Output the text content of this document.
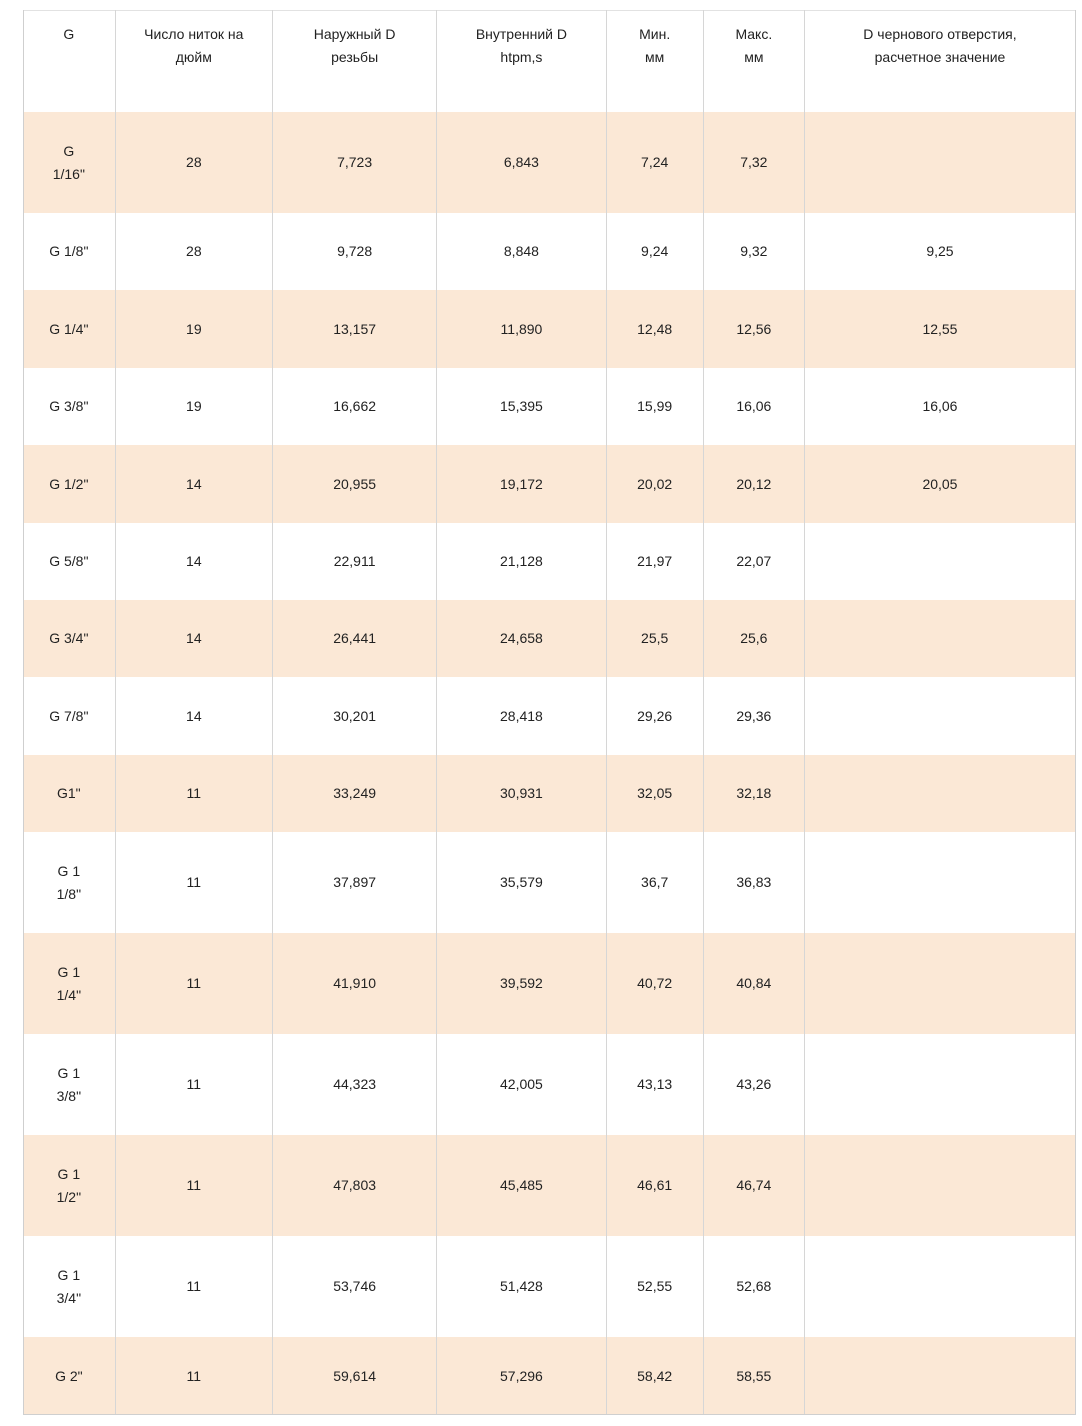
G	Число ниток на
дюйм	Наружный D
резьбы	Внутренний D
htpm,s	Мин.
мм	Макс.
мм	D чернового отверстия,
расчетное значение

G
1/16"	28	7,723	6,843	7,24	7,32	
G 1/8"	28	9,728	8,848	9,24	9,32	9,25
G 1/4"	19	13,157	11,890	12,48	12,56	12,55
G 3/8"	19	16,662	15,395	15,99	16,06	16,06
G 1/2"	14	20,955	19,172	20,02	20,12	20,05
G 5/8"	14	22,911	21,128	21,97	22,07	
G 3/4"	14	26,441	24,658	25,5	25,6	
G 7/8"	14	30,201	28,418	29,26	29,36	
G1"	11	33,249	30,931	32,05	32,18	
G 1
1/8"	11	37,897	35,579	36,7	36,83	
G 1
1/4"	11	41,910	39,592	40,72	40,84	
G 1
3/8"	11	44,323	42,005	43,13	43,26	
G 1
1/2"	11	47,803	45,485	46,61	46,74	
G 1
3/4"	11	53,746	51,428	52,55	52,68	
G 2"	11	59,614	57,296	58,42	58,55	
